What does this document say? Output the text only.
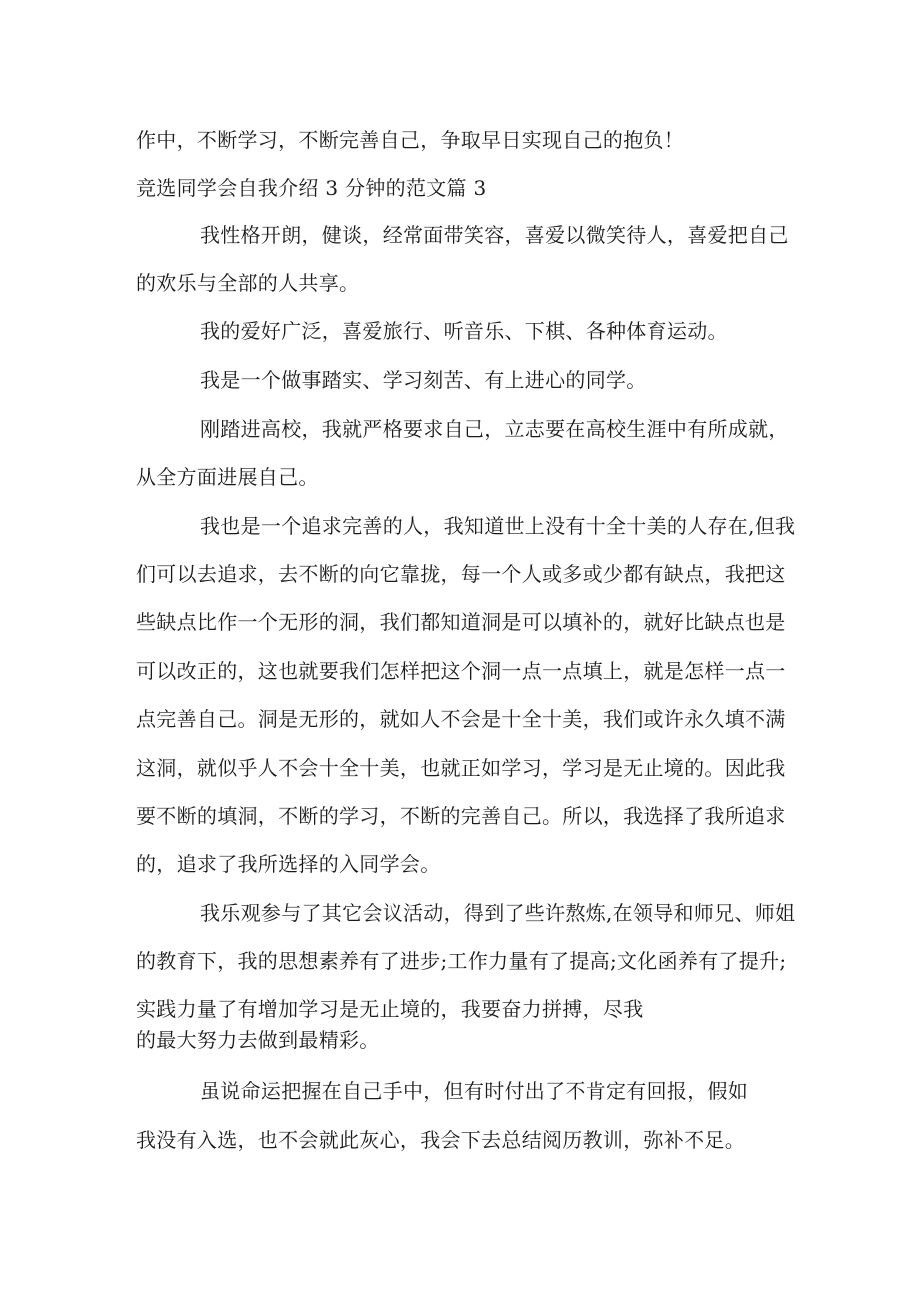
作中，不断学习，不断完善自己，争取早日实现自己的抱负！
竞选同学会自我介绍 3 分钟的范文篇 3
我性格开朗，健谈，经常面带笑容，喜爱以微笑待人，喜爱把自己
的欢乐与全部的人共享。
我的爱好广泛，喜爱旅行、听音乐、下棋、各种体育运动。
我是一个做事踏实、学习刻苦、有上进心的同学。
刚踏进高校，我就严格要求自己，立志要在高校生涯中有所成就，
从全方面进展自己。
我也是一个追求完善的人，我知道世上没有十全十美的人存在,但我
们可以去追求，去不断的向它靠拢，每一个人或多或少都有缺点，我把这
些缺点比作一个无形的洞，我们都知道洞是可以填补的，就好比缺点也是
可以改正的，这也就要我们怎样把这个洞一点一点填上，就是怎样一点一
点完善自己。洞是无形的，就如人不会是十全十美，我们或许永久填不满
这洞，就似乎人不会十全十美，也就正如学习，学习是无止境的。因此我
要不断的填洞，不断的学习，不断的完善自己。所以，我选择了我所追求
的，追求了我所选择的入同学会。
我乐观参与了其它会议活动，得到了些许熬炼,在领导和师兄、师姐
的教育下，我的思想素养有了进步;工作力量有了提高;文化函养有了提升;
实践力量了有增加学习是无止境的，我要奋力拼搏，尽我
的最大努力去做到最精彩。
虽说命运把握在自己手中，但有时付出了不肯定有回报，假如
我没有入选，也不会就此灰心，我会下去总结阅历教训，弥补不足。
